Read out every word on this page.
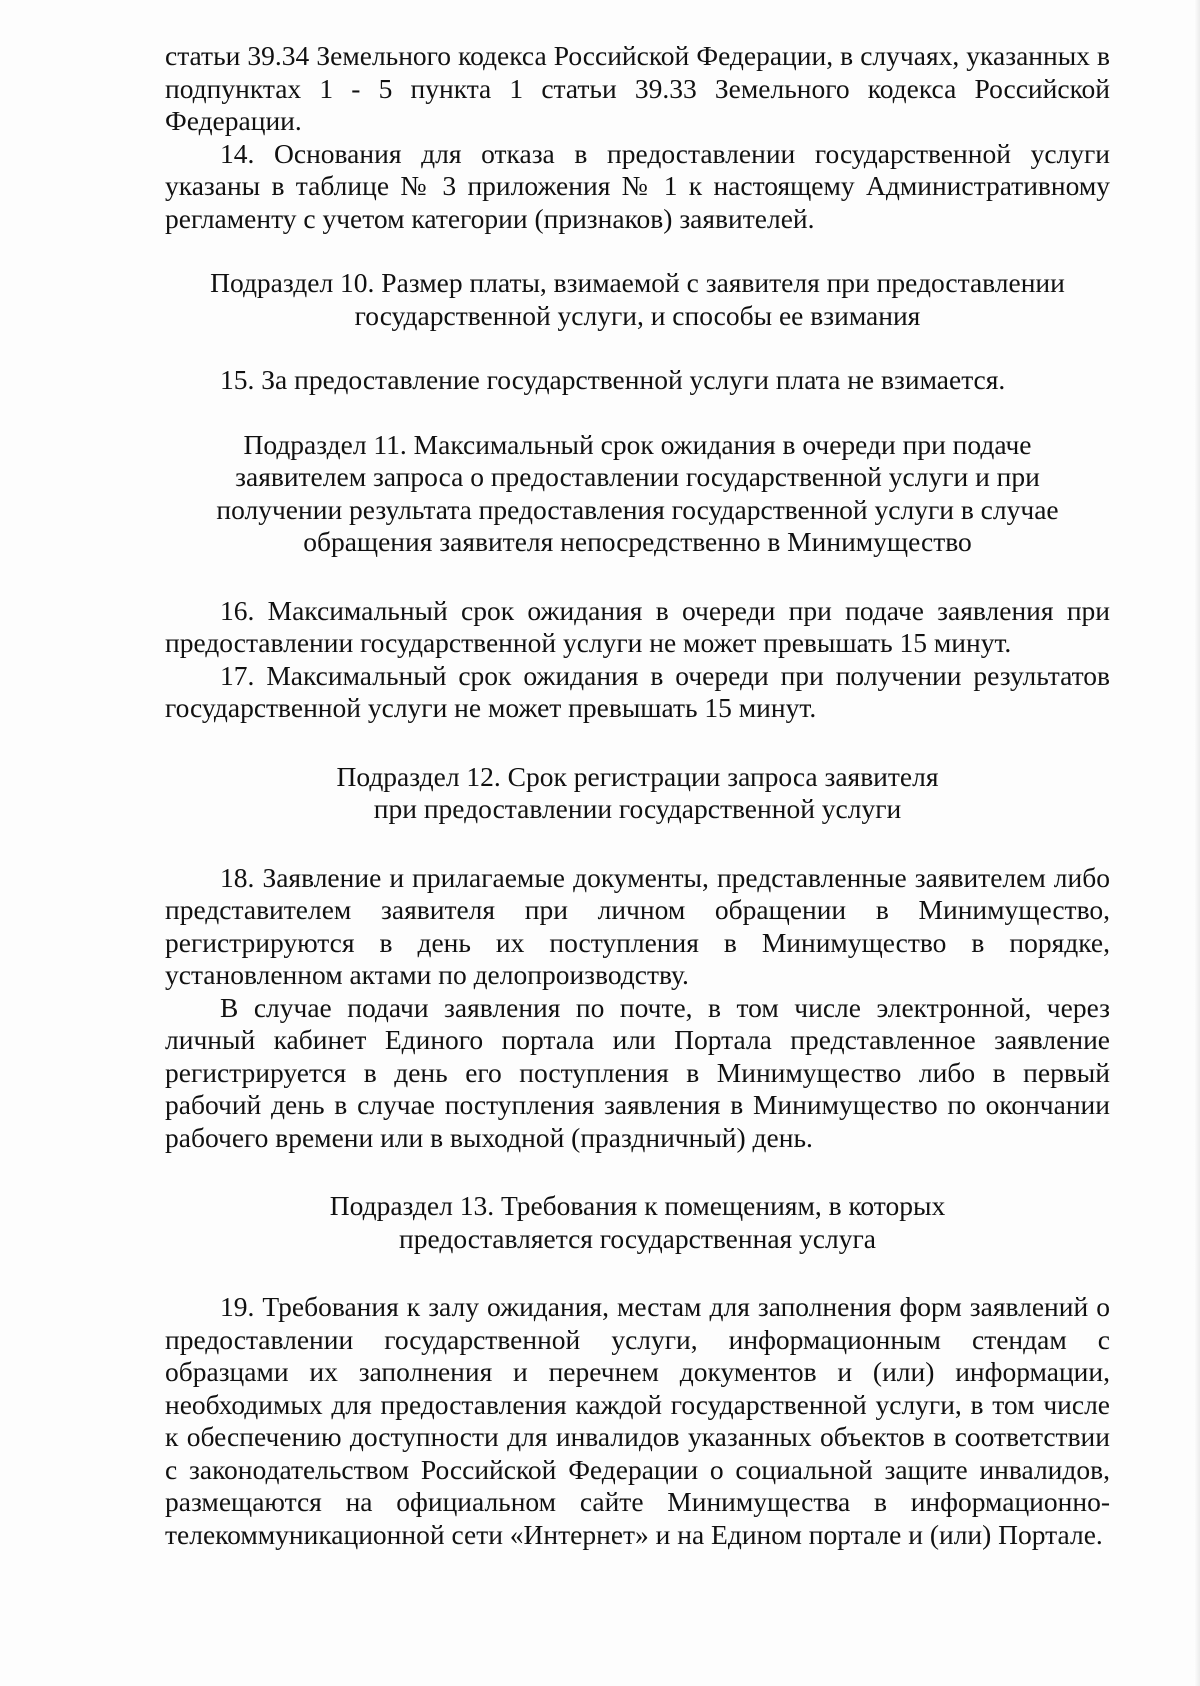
статьи 39.34 Земельного кодекса Российской Федерации, в случаях, указанных в подпунктах 1 - 5 пункта 1 статьи 39.33 Земельного кодекса Российской Федерации.

14. Основания для отказа в предоставлении государственной услуги указаны в таблице № 3 приложения № 1 к настоящему Административному регламенту с учетом категории (признаков) заявителей.

Подраздел 10. Размер платы, взимаемой с заявителя при предоставлении
государственной услуги, и способы ее взимания

15. За предоставление государственной услуги плата не взимается.

Подраздел 11. Максимальный срок ожидания в очереди при подаче
заявителем запроса о предоставлении государственной услуги и при
получении результата предоставления государственной услуги в случае
обращения заявителя непосредственно в Минимущество

16. Максимальный срок ожидания в очереди при подаче заявления при предоставлении государственной услуги не может превышать 15 минут.

17. Максимальный срок ожидания в очереди при получении результатов государственной услуги не может превышать 15 минут.

Подраздел 12. Срок регистрации запроса заявителя
при предоставлении государственной услуги

18. Заявление и прилагаемые документы, представленные заявителем либо представителем заявителя при личном обращении в Минимущество, регистрируются в день их поступления в Минимущество в порядке, установленном актами по делопроизводству.

В случае подачи заявления по почте, в том числе электронной, через личный кабинет Единого портала или Портала представленное заявление регистрируется в день его поступления в Минимущество либо в первый рабочий день в случае поступления заявления в Минимущество по окончании рабочего времени или в выходной (праздничный) день.

Подраздел 13. Требования к помещениям, в которых
предоставляется государственная услуга

19. Требования к залу ожидания, местам для заполнения форм заявлений о предоставлении государственной услуги, информационным стендам с образцами их заполнения и перечнем документов и (или) информации, необходимых для предоставления каждой государственной услуги, в том числе к обеспечению доступности для инвалидов указанных объектов в соответствии с законодательством Российской Федерации о социальной защите инвалидов, размещаются на официальном сайте Минимущества в информационно-телекоммуникационной сети «Интернет» и на Едином портале и (или) Портале.
